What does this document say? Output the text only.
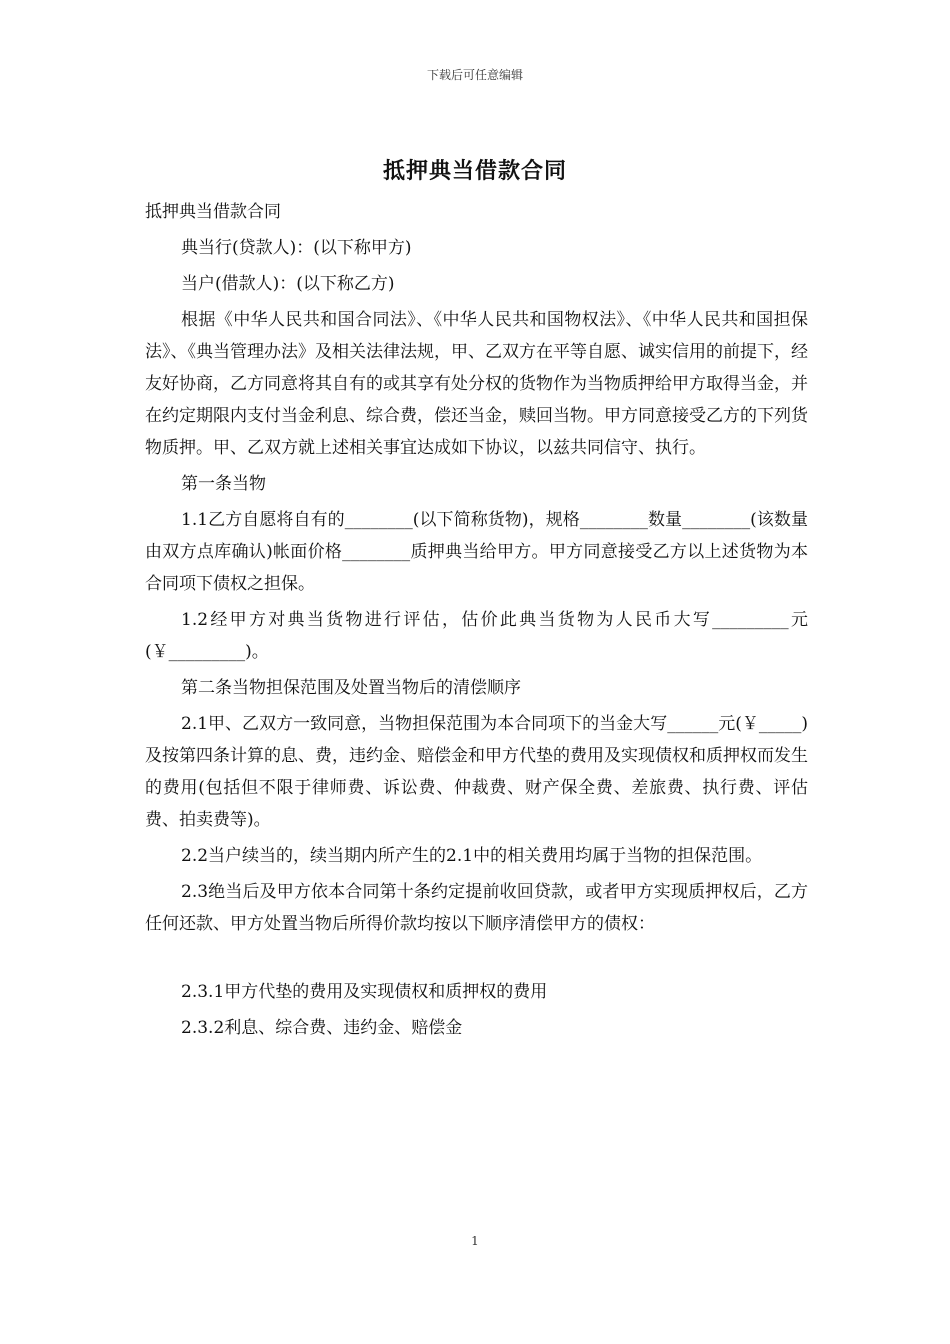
下载后可任意编辑
抵押典当借款合同

抵押典当借款合同

典当行(贷款人)：(以下称甲方)

当户(借款人)：(以下称乙方)

根据《中华人民共和国合同法》、《中华人民共和国物权法》、《中华人民共和国担保法》、《典当管理办法》及相关法律法规，甲、乙双方在平等自愿、诚实信用的前提下，经友好协商，乙方同意将其自有的或其享有处分权的货物作为当物质押给甲方取得当金，并在约定期限内支付当金利息、综合费，偿还当金，赎回当物。甲方同意接受乙方的下列货物质押。甲、乙双方就上述相关事宜达成如下协议，以兹共同信守、执行。

第一条当物

1.1乙方自愿将自有的________(以下简称货物)，规格________数量________(该数量由双方点库确认)帐面价格________质押典当给甲方。甲方同意接受乙方以上述货物为本合同项下债权之担保。

1.2经甲方对典当货物进行评估，估价此典当货物为人民币大写_________元(￥_________)。

第二条当物担保范围及处置当物后的清偿顺序

2.1甲、乙双方一致同意，当物担保范围为本合同项下的当金大写______元(￥_____)及按第四条计算的息、费，违约金、赔偿金和甲方代垫的费用及实现债权和质押权而发生的费用(包括但不限于律师费、诉讼费、仲裁费、财产保全费、差旅费、执行费、评估费、拍卖费等)。

2.2当户续当的，续当期内所产生的2.1中的相关费用均属于当物的担保范围。

2.3绝当后及甲方依本合同第十条约定提前收回贷款，或者甲方实现质押权后，乙方任何还款、甲方处置当物后所得价款均按以下顺序清偿甲方的债权：

2.3.1甲方代垫的费用及实现债权和质押权的费用

2.3.2利息、综合费、违约金、赔偿金

1
